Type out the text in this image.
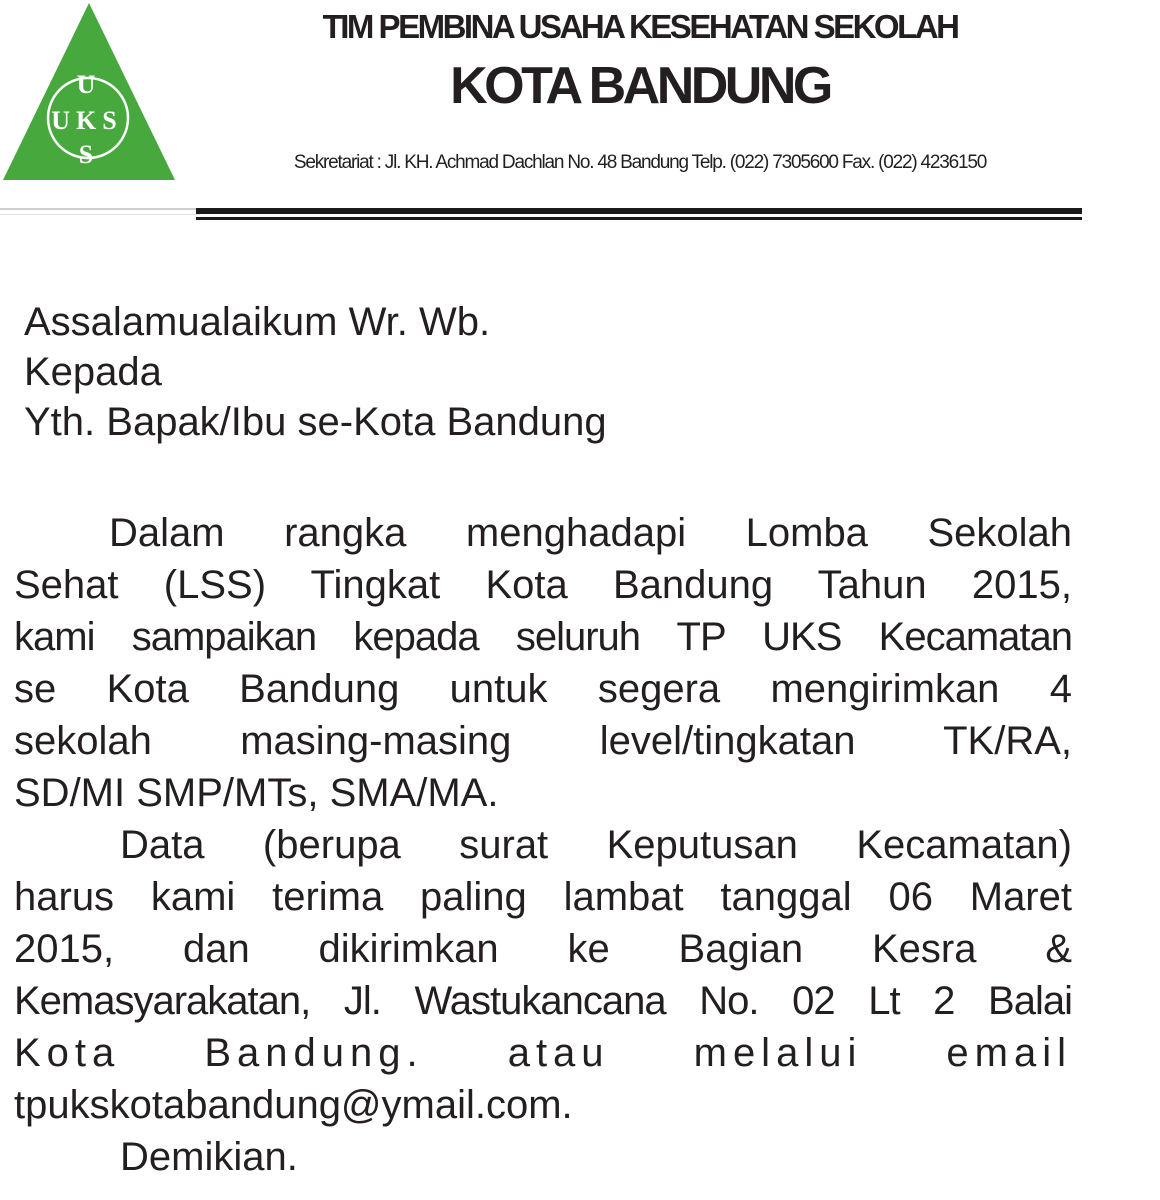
U
UKS
S
TIM PEMBINA USAHA KESEHATAN SEKOLAH
KOTA BANDUNG
Sekretariat : Jl. KH. Achmad Dachlan No. 48 Bandung Telp. (022) 7305600 Fax. (022) 4236150
Assalamualaikum Wr. Wb.
Kepada
Yth. Bapak/Ibu se-Kota Bandung
Dalam rangka menghadapi Lomba Sekolah
Sehat (LSS) Tingkat Kota Bandung Tahun 2015,
kami sampaikan kepada seluruh TP UKS Kecamatan
se Kota Bandung untuk segera mengirimkan 4
sekolah masing-masing level/tingkatan TK/RA,
SD/MI SMP/MTs, SMA/MA.
Data (berupa surat Keputusan Kecamatan)
harus kami terima paling lambat tanggal 06 Maret
2015, dan dikirimkan ke Bagian Kesra &
Kemasyarakatan, Jl. Wastukancana No. 02 Lt 2 Balai
Kota Bandung. atau melalui email
tpukskotabandung@ymail.com.
Demikian.
